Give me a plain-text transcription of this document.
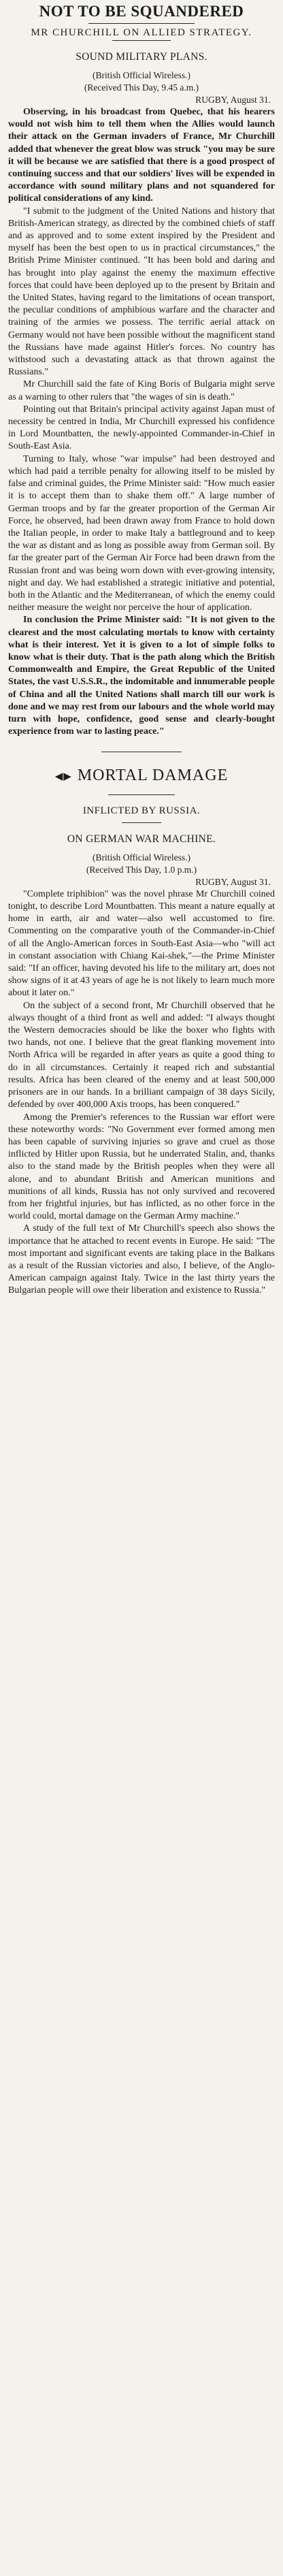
NOT TO BE SQUANDERED
MR CHURCHILL ON ALLIED STRATEGY.
SOUND MILITARY PLANS.
(British Official Wireless.)
(Received This Day, 9.45 a.m.)
RUGBY, August 31.

Observing, in his broadcast from Quebec, that his hearers would not wish him to tell them when the Allies would launch their attack on the German invaders of France, Mr Churchill added that whenever the great blow was struck "you may be sure it will be because we are satisfied that there is a good prospect of continuing success and that our soldiers' lives will be expended in accordance with sound military plans and not squandered for political considerations of any kind.

"I submit to the judgment of the United Nations and history that British-American strategy, as directed by the combined chiefs of staff and as approved and to some extent inspired by the President and myself has been the best open to us in practical circumstances," the British Prime Minister continued. "It has been bold and daring and has brought into play against the enemy the maximum effective forces that could have been deployed up to the present by Britain and the United States, having regard to the limitations of ocean transport, the peculiar conditions of amphibious warfare and the character and training of the armies we possess. The terrific aerial attack on Germany would not have been possible without the magnificent stand the Russians have made against Hitler's forces. No country has withstood such a devastating attack as that thrown against the Russians."

Mr Churchill said the fate of King Boris of Bulgaria might serve as a warning to other rulers that "the wages of sin is death."

Pointing out that Britain's principal activity against Japan must of necessity be centred in India, Mr Churchill expressed his confidence in Lord Mountbatten, the newly-appointed Commander-in-Chief in South-East Asia.

Turning to Italy, whose "war impulse" had been destroyed and which had paid a terrible penalty for allowing itself to be misled by false and criminal guides, the Prime Minister said: "How much easier it is to accept them than to shake them off." A large number of German troops and by far the greater proportion of the German Air Force, he observed, had been drawn away from France to hold down the Italian people, in order to make Italy a battleground and to keep the war as distant and as long as possible away from German soil. By far the greater part of the German Air Force had been drawn from the Russian front and was being worn down with ever-growing intensity, night and day. We had established a strategic initiative and potential, both in the Atlantic and the Mediterranean, of which the enemy could neither measure the weight nor perceive the hour of application.

In conclusion the Prime Minister said: "It is not given to the clearest and the most calculating mortals to know with certainty what is their interest. Yet it is given to a lot of simple folks to know what is their duty. That is the path along which the British Commonwealth and Empire, the Great Republic of the United States, the vast U.S.S.R., the indomitable and innumerable people of China and all the United Nations shall march till our work is done and we may rest from our labours and the whole world may turn with hope, confidence, good sense and clearly-bought experience from war to lasting peace."

◀▶ MORTAL DAMAGE
INFLICTED BY RUSSIA.
ON GERMAN WAR MACHINE.
(British Official Wireless.)
(Received This Day, 1.0 p.m.)
RUGBY, August 31.

"Complete triphibion" was the novel phrase Mr Churchill coined tonight, to describe Lord Mountbatten. This meant a nature equally at home in earth, air and water—also well accustomed to fire. Commenting on the comparative youth of the Commander-in-Chief of all the Anglo-American forces in South-East Asia—who "will act in constant association with Chiang Kai-shek,"—the Prime Minister said: "If an officer, having devoted his life to the military art, does not show signs of it at 43 years of age he is not likely to learn much more about it later on."

On the subject of a second front, Mr Churchill observed that he always thought of a third front as well and added: "I always thought the Western democracies should be like the boxer who fights with two hands, not one. I believe that the great flanking movement into North Africa will be regarded in after years as quite a good thing to do in all circumstances. Certainly it reaped rich and substantial results. Africa has been cleared of the enemy and at least 500,000 prisoners are in our hands. In a brilliant campaign of 38 days Sicily, defended by over 400,000 Axis troops, has been conquered."

Among the Premier's references to the Russian war effort were these noteworthy words: "No Government ever formed among men has been capable of surviving injuries so grave and cruel as those inflicted by Hitler upon Russia, but he underrated Stalin, and, thanks also to the stand made by the British peoples when they were all alone, and to abundant British and American munitions and munitions of all kinds, Russia has not only survived and recovered from her frightful injuries, but has inflicted, as no other force in the world could, mortal damage on the German Army machine."

A study of the full text of Mr Churchill's speech also shows the importance that he attached to recent events in Europe. He said: "The most important and significant events are taking place in the Balkans as a result of the Russian victories and also, I believe, of the Anglo-American campaign against Italy. Twice in the last thirty years the Bulgarian people will owe their liberation and existence to Russia."
